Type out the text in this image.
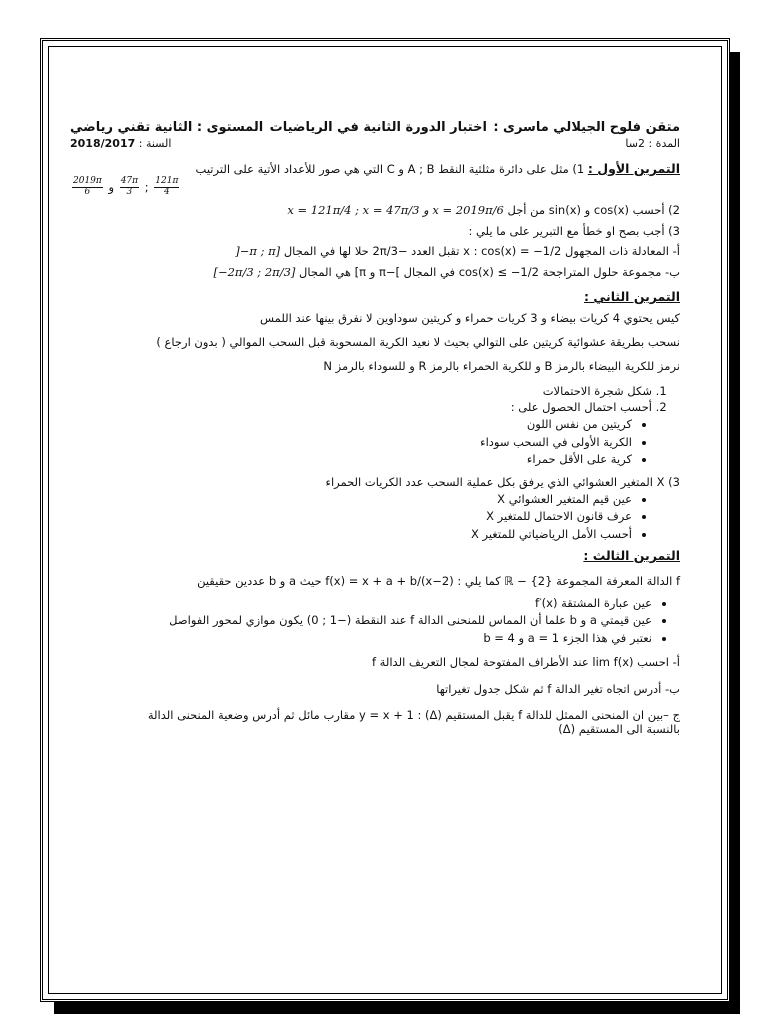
متقن فلوح الجيلالي ماسرى :
اختبار الدورة الثانية في الرياضيات
المستوى : الثانية تقني رياضي
المدة : 2سا
السنة : 2018/2017
التمرين الأول : 1) مثل على دائرة مثلثية النقط A ; B و C التي هي صور للأعداد الأتية على الترتيب
$\frac{2019\pi}{6}$ و $\frac{47\pi}{3}$ ; $\frac{121\pi}{4}$
2) أحسب cos(x) و sin(x) من أجل x = 121π/4 ; x = 47π/3 و x = 2019π/6
3) أجب بصح او خطأ مع التبرير على ما يلي :
أ- المعادلة ذات المجهول x : cos(x) = −1/2 تقبل العدد −2π/3 حلا لها في المجال ]−π ; π]
ب- مجموعة حلول المتراجحة cos(x) ≤ −1/2 في المجال ]−π و π] هي المجال [−2π/3 ; 2π/3]
التمرين الثاني :
كيس يحتوي 4 كريات بيضاء و 3 كريات حمراء و كريتين سوداوين لا نفرق بينها عند اللمس
نسحب بطريقة عشوائية كريتين على التوالي بحيث لا نعيد الكرية المسحوبة قبل السحب الموالي ( بدون ارجاع )
نرمز للكرية البيضاء بالرمز B و للكرية الحمراء بالرمز R و للسوداء بالرمز N
1. شكل شجرة الاحتمالات
2. أحسب احتمال الحصول على :
• كريتين من نفس اللون
• الكرية الأولى في السحب سوداء
• كرية على الأقل حمراء
3) X المتغير العشوائي الذي يرفق بكل عملية السحب عدد الكريات الحمراء
• عين قيم المتغير العشوائي X
• عرف قانون الاحتمال للمتغير X
• أحسب الأمل الرياضياتي للمتغير X
التمرين الثالث :
f الدالة المعرفة المجموعة ℝ − {2} كما يلي : f(x) = x + a + b/(x−2) حيث a و b عددين حقيقين
• عين عبارة المشتقة f′(x)
• عين قيمتي a و b علما أن المماس للمنحنى الدالة f عند النقطة (−1 ; 0) يكون موازي لمحور الفواصل
• نعتبر في هذا الجزء a = 1 و b = 4
أ- احسب lim f(x) عند الأطراف المفتوحة لمجال التعريف الدالة f
ب- أدرس اتجاه تغير الدالة f ثم شكل جدول تغيراتها
ج –بين ان المنحنى الممثل للدالة f يقبل المستقيم (Δ) : y = x + 1 مقارب مائل ثم أدرس وضعية المنحنى الدالة
بالنسبة الى المستقيم (Δ)
